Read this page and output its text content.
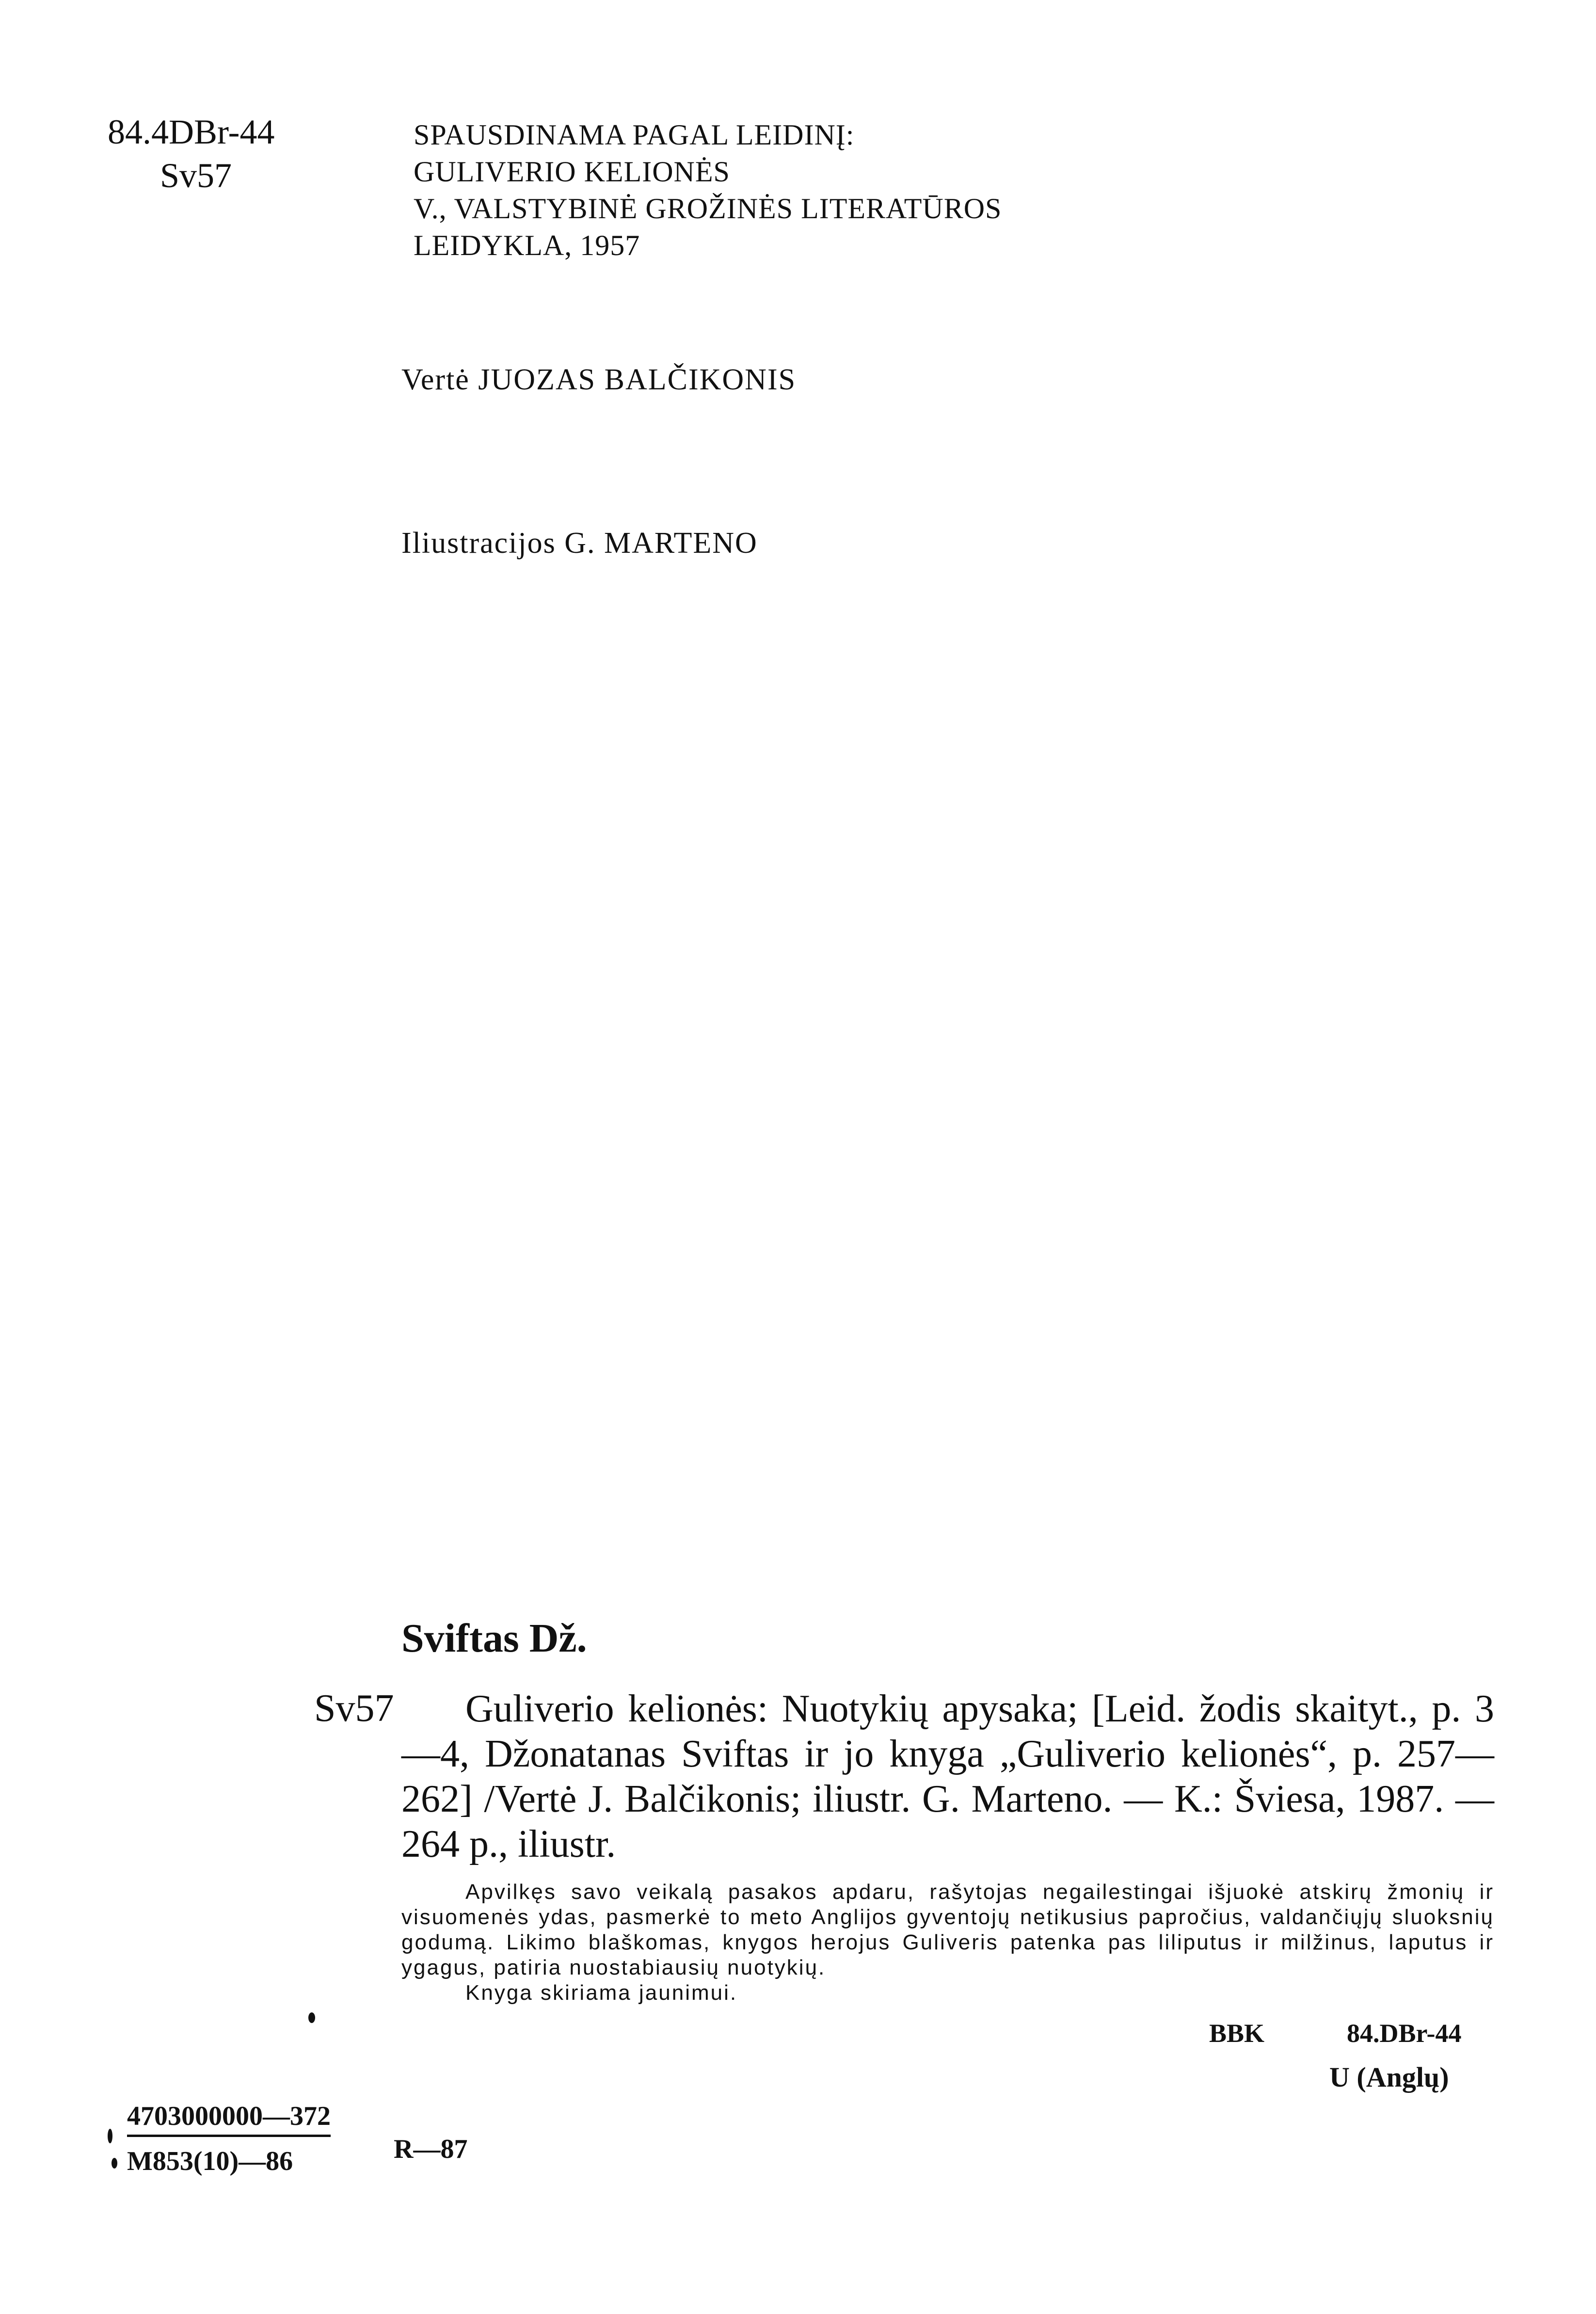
84.4DBr-44
Sv57
SPAUSDINAMA PAGAL LEIDINĮ:
GULIVERIO KELIONĖS
V., VALSTYBINĖ GROŽINĖS LITERATŪROS
LEIDYKLA, 1957
Vertė JUOZAS BALČIKONIS
Iliustracijos G. MARTENO
Sviftas Dž.
Sv57	Guliverio kelionės: Nuotykių apysaka; [Leid. žodis skaityt., p. 3—4, Džonatanas Sviftas ir jo knyga „Guliverio kelionės“, p. 257—262] /Vertė J. Balčikonis; iliustr. G. Marteno. — K.: Šviesa, 1987. — 264 p., iliustr.

Apvilkęs savo veikalą pasakos apdaru, rašytojas negailestingai išjuokė atskirų žmonių ir visuomenės ydas, pasmerkė to meto Anglijos gyventojų netikusius papročius, valdančiųjų sluoksnių godumą. Likimo blaškomas, knygos herojus Guliveris patenka pas liliputus ir milžinus, laputus ir ygagus, patiria nuostabiausių nuotykių.

Knyga skiriama jaunimui.

BBK	84.DBr-44
U (Anglų)
4703000000—372
M853(10)—86	R—87
